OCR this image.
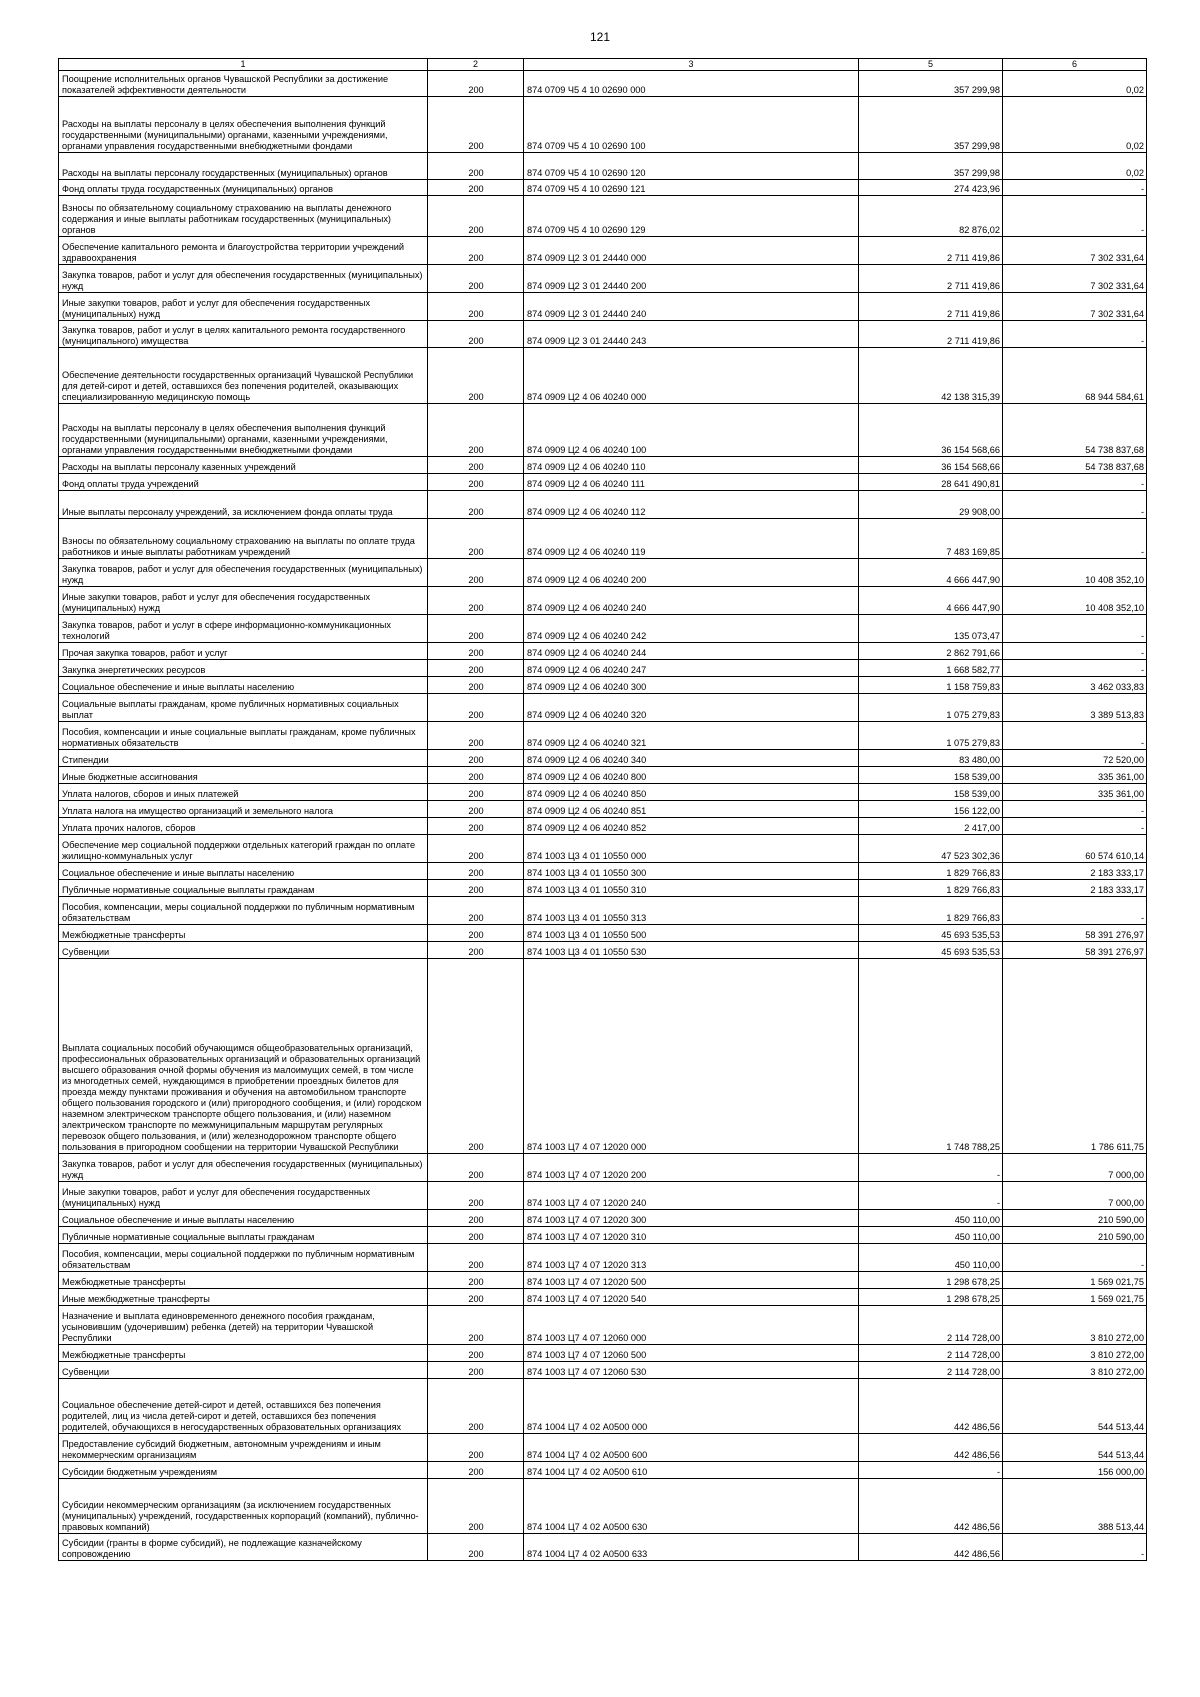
121
1	2	3		5	6
Поощрение исполнительных органов Чувашской Республики за достижение показателей эффективности деятельности	200	874 0709 Ч5 4 10 02690 000		357 299,98	0,02
Расходы на выплаты персоналу в целях обеспечения выполнения функций государственными (муниципальными) органами, казенными учреждениями, органами управления государственными внебюджетными фондами	200	874 0709 Ч5 4 10 02690 100		357 299,98	0,02
Расходы на выплаты персоналу государственных (муниципальных) органов	200	874 0709 Ч5 4 10 02690 120		357 299,98	0,02
Фонд оплаты труда государственных (муниципальных) органов	200	874 0709 Ч5 4 10 02690 121		274 423,96	-
Взносы по обязательному социальному страхованию на выплаты денежного содержания и иные выплаты работникам государственных (муниципальных) органов	200	874 0709 Ч5 4 10 02690 129		82 876,02	-
Обеспечение капитального ремонта и благоустройства территории учреждений здравоохранения	200	874 0909 Ц2 3 01 24440 000		2 711 419,86	7 302 331,64
Закупка товаров, работ и услуг для обеспечения государственных (муниципальных) нужд	200	874 0909 Ц2 3 01 24440 200		2 711 419,86	7 302 331,64
Иные закупки товаров, работ и услуг для обеспечения государственных (муниципальных) нужд	200	874 0909 Ц2 3 01 24440 240		2 711 419,86	7 302 331,64
Закупка товаров, работ и услуг в целях капитального ремонта государственного (муниципального) имущества	200	874 0909 Ц2 3 01 24440 243		2 711 419,86	-
Обеспечение деятельности государственных организаций Чувашской Республики для детей-сирот и детей, оставшихся без попечения родителей, оказывающих специализированную медицинскую помощь	200	874 0909 Ц2 4 06 40240 000		42 138 315,39	68 944 584,61
Расходы на выплаты персоналу в целях обеспечения выполнения функций государственными (муниципальными) органами, казенными учреждениями, органами управления государственными внебюджетными фондами	200	874 0909 Ц2 4 06 40240 100		36 154 568,66	54 738 837,68
Расходы на выплаты персоналу казенных учреждений	200	874 0909 Ц2 4 06 40240 110		36 154 568,66	54 738 837,68
Фонд оплаты труда учреждений	200	874 0909 Ц2 4 06 40240 111		28 641 490,81	-
Иные выплаты персоналу учреждений, за исключением фонда оплаты труда	200	874 0909 Ц2 4 06 40240 112		29 908,00	-
Взносы по обязательному социальному страхованию на выплаты по оплате труда работников и иные выплаты работникам учреждений	200	874 0909 Ц2 4 06 40240 119		7 483 169,85	-
Закупка товаров, работ и услуг для обеспечения государственных (муниципальных) нужд	200	874 0909 Ц2 4 06 40240 200		4 666 447,90	10 408 352,10
Иные закупки товаров, работ и услуг для обеспечения государственных (муниципальных) нужд	200	874 0909 Ц2 4 06 40240 240		4 666 447,90	10 408 352,10
Закупка товаров, работ и услуг в сфере информационно-коммуникационных технологий	200	874 0909 Ц2 4 06 40240 242		135 073,47	-
Прочая закупка товаров, работ и услуг	200	874 0909 Ц2 4 06 40240 244		2 862 791,66	-
Закупка энергетических ресурсов	200	874 0909 Ц2 4 06 40240 247		1 668 582,77	-
Социальное обеспечение и иные выплаты населению	200	874 0909 Ц2 4 06 40240 300		1 158 759,83	3 462 033,83
Социальные выплаты гражданам, кроме публичных нормативных социальных выплат	200	874 0909 Ц2 4 06 40240 320		1 075 279,83	3 389 513,83
Пособия, компенсации и иные социальные выплаты гражданам, кроме публичных нормативных обязательств	200	874 0909 Ц2 4 06 40240 321		1 075 279,83	-
Стипендии	200	874 0909 Ц2 4 06 40240 340		83 480,00	72 520,00
Иные бюджетные ассигнования	200	874 0909 Ц2 4 06 40240 800		158 539,00	335 361,00
Уплата налогов, сборов и иных платежей	200	874 0909 Ц2 4 06 40240 850		158 539,00	335 361,00
Уплата налога на имущество организаций и земельного налога	200	874 0909 Ц2 4 06 40240 851		156 122,00	-
Уплата прочих налогов, сборов	200	874 0909 Ц2 4 06 40240 852		2 417,00	-
Обеспечение мер социальной поддержки отдельных категорий граждан по оплате жилищно-коммунальных услуг	200	874 1003 Ц3 4 01 10550 000		47 523 302,36	60 574 610,14
Социальное обеспечение и иные выплаты населению	200	874 1003 Ц3 4 01 10550 300		1 829 766,83	2 183 333,17
Публичные нормативные социальные выплаты гражданам	200	874 1003 Ц3 4 01 10550 310		1 829 766,83	2 183 333,17
Пособия, компенсации, меры социальной поддержки по публичным нормативным обязательствам	200	874 1003 Ц3 4 01 10550 313		1 829 766,83	-
Межбюджетные трансферты	200	874 1003 Ц3 4 01 10550 500		45 693 535,53	58 391 276,97
Субвенции	200	874 1003 Ц3 4 01 10550 530		45 693 535,53	58 391 276,97
Выплата социальных пособий обучающимся общеобразовательных организаций, профессиональных образовательных организаций и образовательных организаций высшего образования очной формы обучения из малоимущих семей, в том числе из многодетных семей, нуждающимся в приобретении проездных билетов для проезда между пунктами проживания и обучения на автомобильном транспорте общего пользования городского и (или) пригородного сообщения, и (или) городском наземном электрическом транспорте общего пользования, и (или) наземном электрическом транспорте по межмуниципальным маршрутам регулярных перевозок общего пользования, и (или) железнодорожном транспорте общего пользования в пригородном сообщении на территории Чувашской Республики	200	874 1003 Ц7 4 07 12020 000		1 748 788,25	1 786 611,75
Закупка товаров, работ и услуг для обеспечения государственных (муниципальных) нужд	200	874 1003 Ц7 4 07 12020 200		-	7 000,00
Иные закупки товаров, работ и услуг для обеспечения государственных (муниципальных) нужд	200	874 1003 Ц7 4 07 12020 240		-	7 000,00
Социальное обеспечение и иные выплаты населению	200	874 1003 Ц7 4 07 12020 300		450 110,00	210 590,00
Публичные нормативные социальные выплаты гражданам	200	874 1003 Ц7 4 07 12020 310		450 110,00	210 590,00
Пособия, компенсации, меры социальной поддержки по публичным нормативным обязательствам	200	874 1003 Ц7 4 07 12020 313		450 110,00	-
Межбюджетные трансферты	200	874 1003 Ц7 4 07 12020 500		1 298 678,25	1 569 021,75
Иные межбюджетные трансферты	200	874 1003 Ц7 4 07 12020 540		1 298 678,25	1 569 021,75
Назначение и выплата единовременного денежного пособия гражданам, усыновившим (удочерившим) ребенка (детей) на территории Чувашской Республики	200	874 1003 Ц7 4 07 12060 000		2 114 728,00	3 810 272,00
Межбюджетные трансферты	200	874 1003 Ц7 4 07 12060 500		2 114 728,00	3 810 272,00
Субвенции	200	874 1003 Ц7 4 07 12060 530		2 114 728,00	3 810 272,00
Социальное обеспечение детей-сирот и детей, оставшихся без попечения родителей, лиц из числа детей-сирот и детей, оставшихся без попечения родителей, обучающихся в негосударственных образовательных организациях	200	874 1004 Ц7 4 02 А0500 000		442 486,56	544 513,44
Предоставление субсидий бюджетным, автономным учреждениям и иным некоммерческим организациям	200	874 1004 Ц7 4 02 А0500 600		442 486,56	544 513,44
Субсидии бюджетным учреждениям	200	874 1004 Ц7 4 02 А0500 610		-	156 000,00
Субсидии некоммерческим организациям (за исключением государственных (муниципальных) учреждений, государственных корпораций (компаний), публично-правовых компаний)	200	874 1004 Ц7 4 02 А0500 630		442 486,56	388 513,44
Субсидии (гранты в форме субсидий), не подлежащие казначейскому сопровождению	200	874 1004 Ц7 4 02 А0500 633		442 486,56	-
